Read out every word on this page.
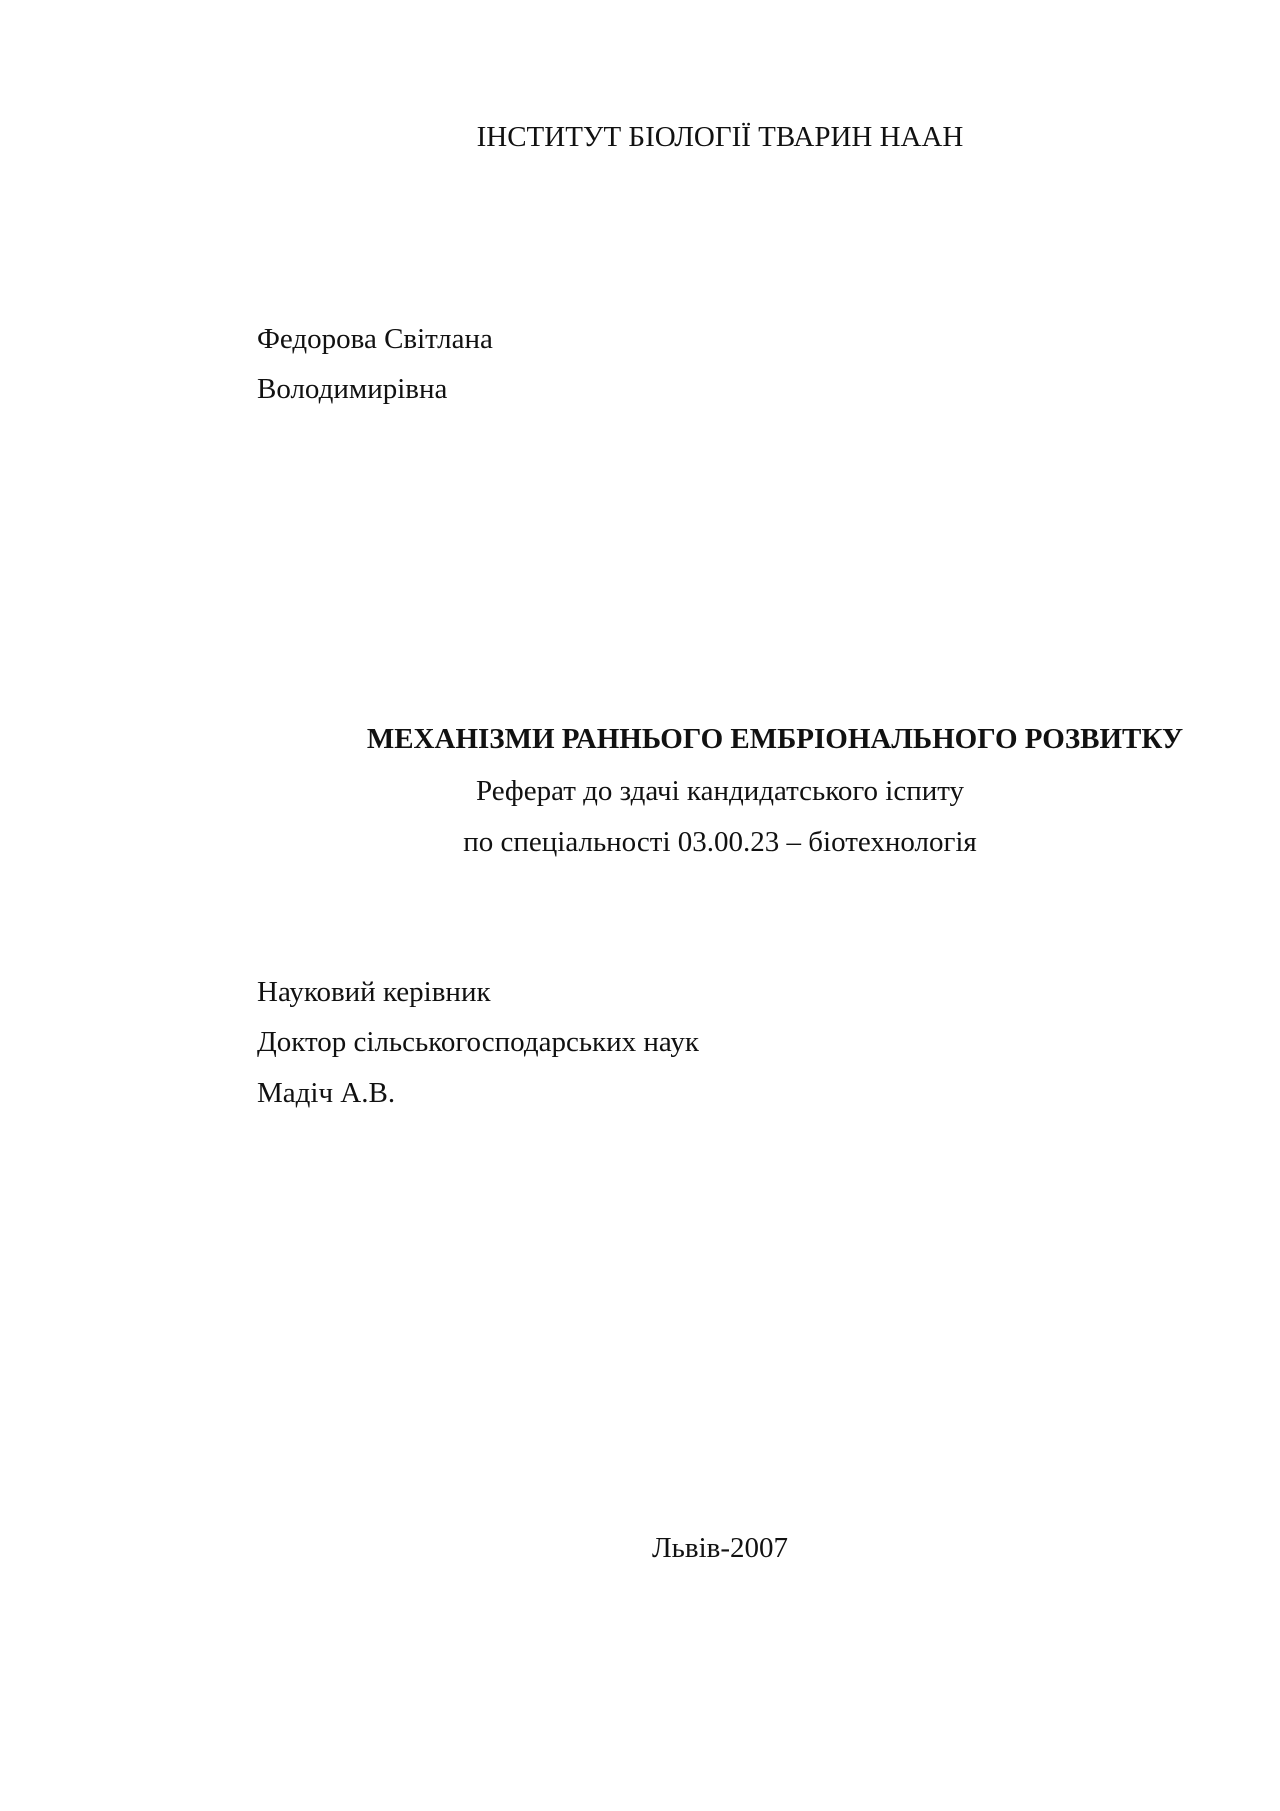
ІНСТИТУТ БІОЛОГІЇ ТВАРИН НААН
Федорова Світлана
Володимирівна
МЕХАНІЗМИ РАННЬОГО ЕМБРІОНАЛЬНОГО РОЗВИТКУ
Реферат до здачі кандидатського іспиту
по спеціальності 03.00.23 – біотехнологія
Науковий керівник
Доктор сільськогосподарських наук
Мадіч А.В.
Львів-2007
